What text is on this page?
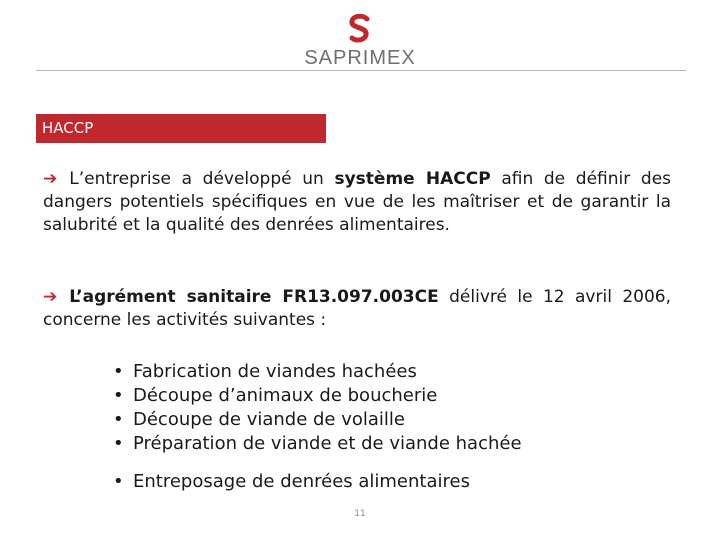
SAPRIMEX
HACCP
➔ L’entreprise a développé un système HACCP afin de définir des dangers potentiels spécifiques en vue de les maîtriser et de garantir la salubrité et la qualité des denrées alimentaires.
➔ L’agrément sanitaire FR13.097.003CE délivré le 12 avril 2006, concerne les activités suivantes :
• Fabrication de viandes hachées
• Découpe d’animaux de boucherie
• Découpe de viande de volaille
• Préparation de viande et de viande hachée
• Entreposage de denrées alimentaires
11
